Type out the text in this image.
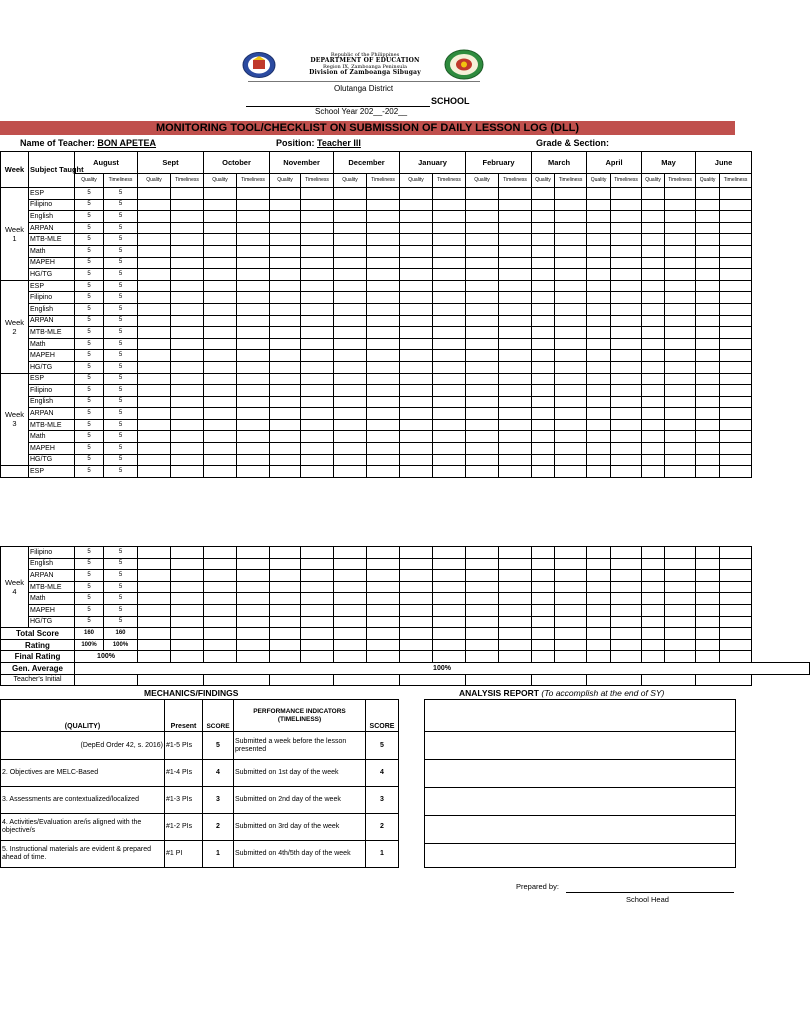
Republic of the Philippines
DEPARTMENT OF EDUCATION
Region IX, Zamboanga Peninsula
Division of Zamboanga Sibugay
Olutanga District
SCHOOL
School Year 202__-202__
MONITORING TOOL/CHECKLIST ON SUBMISSION OF DAILY LESSON LOG (DLL)
Name of Teacher: BON APETEA	Position: Teacher III	Grade & Section:
Week	Subject Taught	August		Sept		October		November		December		January		February		March		April		May		June	
		Quality	Timeliness	Quality	Timeliness	Quality	Timeliness	Quality	Timeliness	Quality	Timeliness	Quality	Timeliness	Quality	Timeliness	Quality	Timeliness	Quality	Timeliness	Quality	Timeliness	Quality	Timeliness
Week 1	ESP	5	5																				
	Filipino	5	5																				
	English	5	5																				
	ARPAN	5	5																				
	MTB-MLE	5	5																				
	Math	5	5																				
	MAPEH	5	5																				
	HG/TG	5	5																				
Week 2	ESP	5	5																				
	Filipino	5	5																				
	English	5	5																				
	ARPAN	5	5																				
	MTB-MLE	5	5																				
	Math	5	5																				
	MAPEH	5	5																				
	HG/TG	5	5																				
Week 3	ESP	5	5																				
	Filipino	5	5																				
	English	5	5																				
	ARPAN	5	5																				
	MTB-MLE	5	5																				
	Math	5	5																				
	MAPEH	5	5																				
	HG/TG	5	5																				
	ESP	5	5																				
Week 4	Filipino	5	5																				
	English	5	5																				
	ARPAN	5	5																				
	MTB-MLE	5	5																				
	Math	5	5																				
	MAPEH	5	5																				
	HG/TG	5	5																				
Total Score		160	160																				
Rating		100%	100%																				
Final Rating		100%																					
Gen. Average		100%																					
Teacher's Initial																							
MECHANICS/FINDINGS	ANALYSIS REPORT (To accomplish at the end of SY)
(QUALITY)	Present	SCORE	PERFORMANCE INDICATORS (TIMELINESS)	SCORE
(DepEd Order 42, s. 2016)	#1-5 PIs	5	Submitted a week before the lesson presented	5
2. Objectives are MELC-Based	#1-4 PIs	4	Submitted on 1st day of the week	4
3. Assessments are contextualized/localized	#1-3 PIs	3	Submitted on 2nd day of the week	3
4. Activities/Evaluation are/is aligned with the objective/s	#1-2 PIs	2	Submitted on 3rd day of the week	2
5. Instructional materials are evident & prepared ahead of time.	#1 PI	1	Submitted on 4th/5th day of the week	1
Prepared by:
School Head
